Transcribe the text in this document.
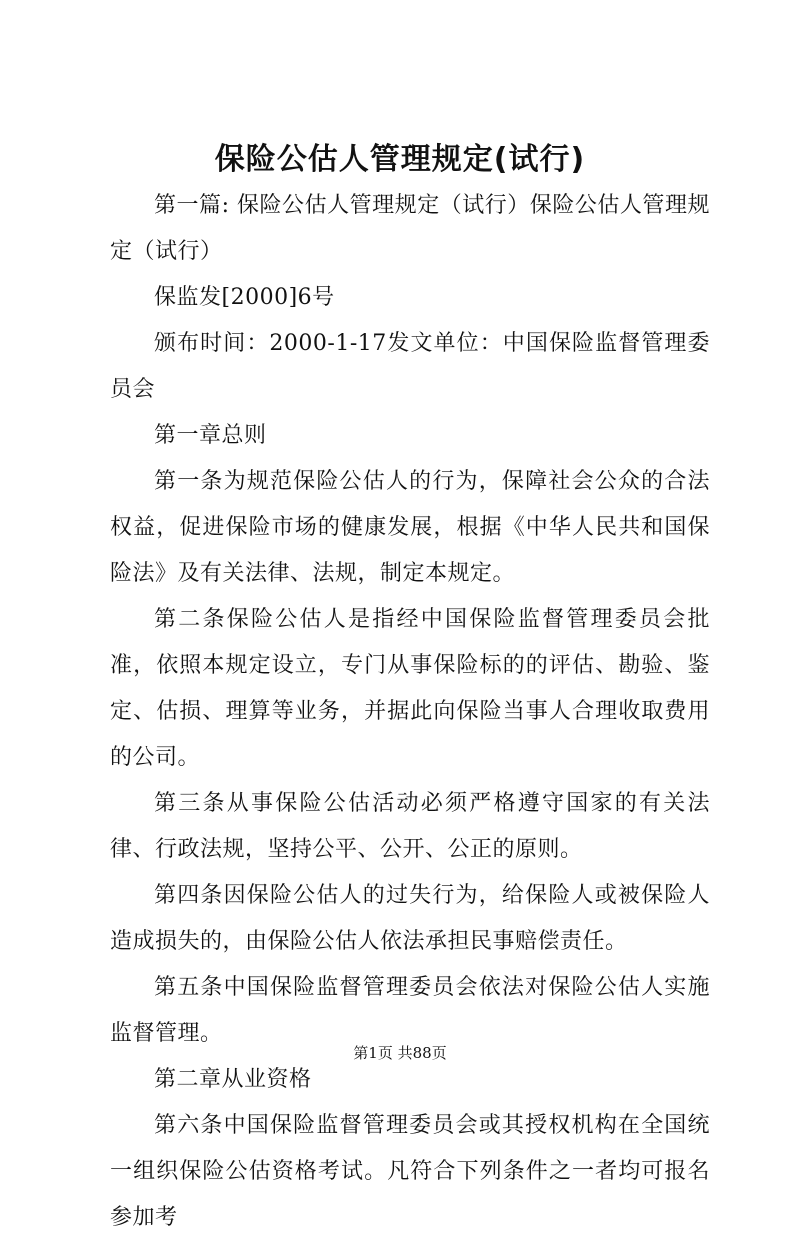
保险公估人管理规定(试行)

第一篇: 保险公估人管理规定（试行）保险公估人管理规定（试行）

保监发[2000]6号

颁布时间：2000-1-17发文单位：中国保险监督管理委员会

第一章总则

第一条为规范保险公估人的行为，保障社会公众的合法权益，促进保险市场的健康发展，根据《中华人民共和国保险法》及有关法律、法规，制定本规定。

第二条保险公估人是指经中国保险监督管理委员会批准，依照本规定设立，专门从事保险标的的评估、勘验、鉴定、估损、理算等业务，并据此向保险当事人合理收取费用的公司。

第三条从事保险公估活动必须严格遵守国家的有关法律、行政法规，坚持公平、公开、公正的原则。

第四条因保险公估人的过失行为，给保险人或被保险人造成损失的，由保险公估人依法承担民事赔偿责任。

第五条中国保险监督管理委员会依法对保险公估人实施监督管理。

第二章从业资格

第六条中国保险监督管理委员会或其授权机构在全国统一组织保险公估资格考试。凡符合下列条件之一者均可报名参加考

第1页 共88页
